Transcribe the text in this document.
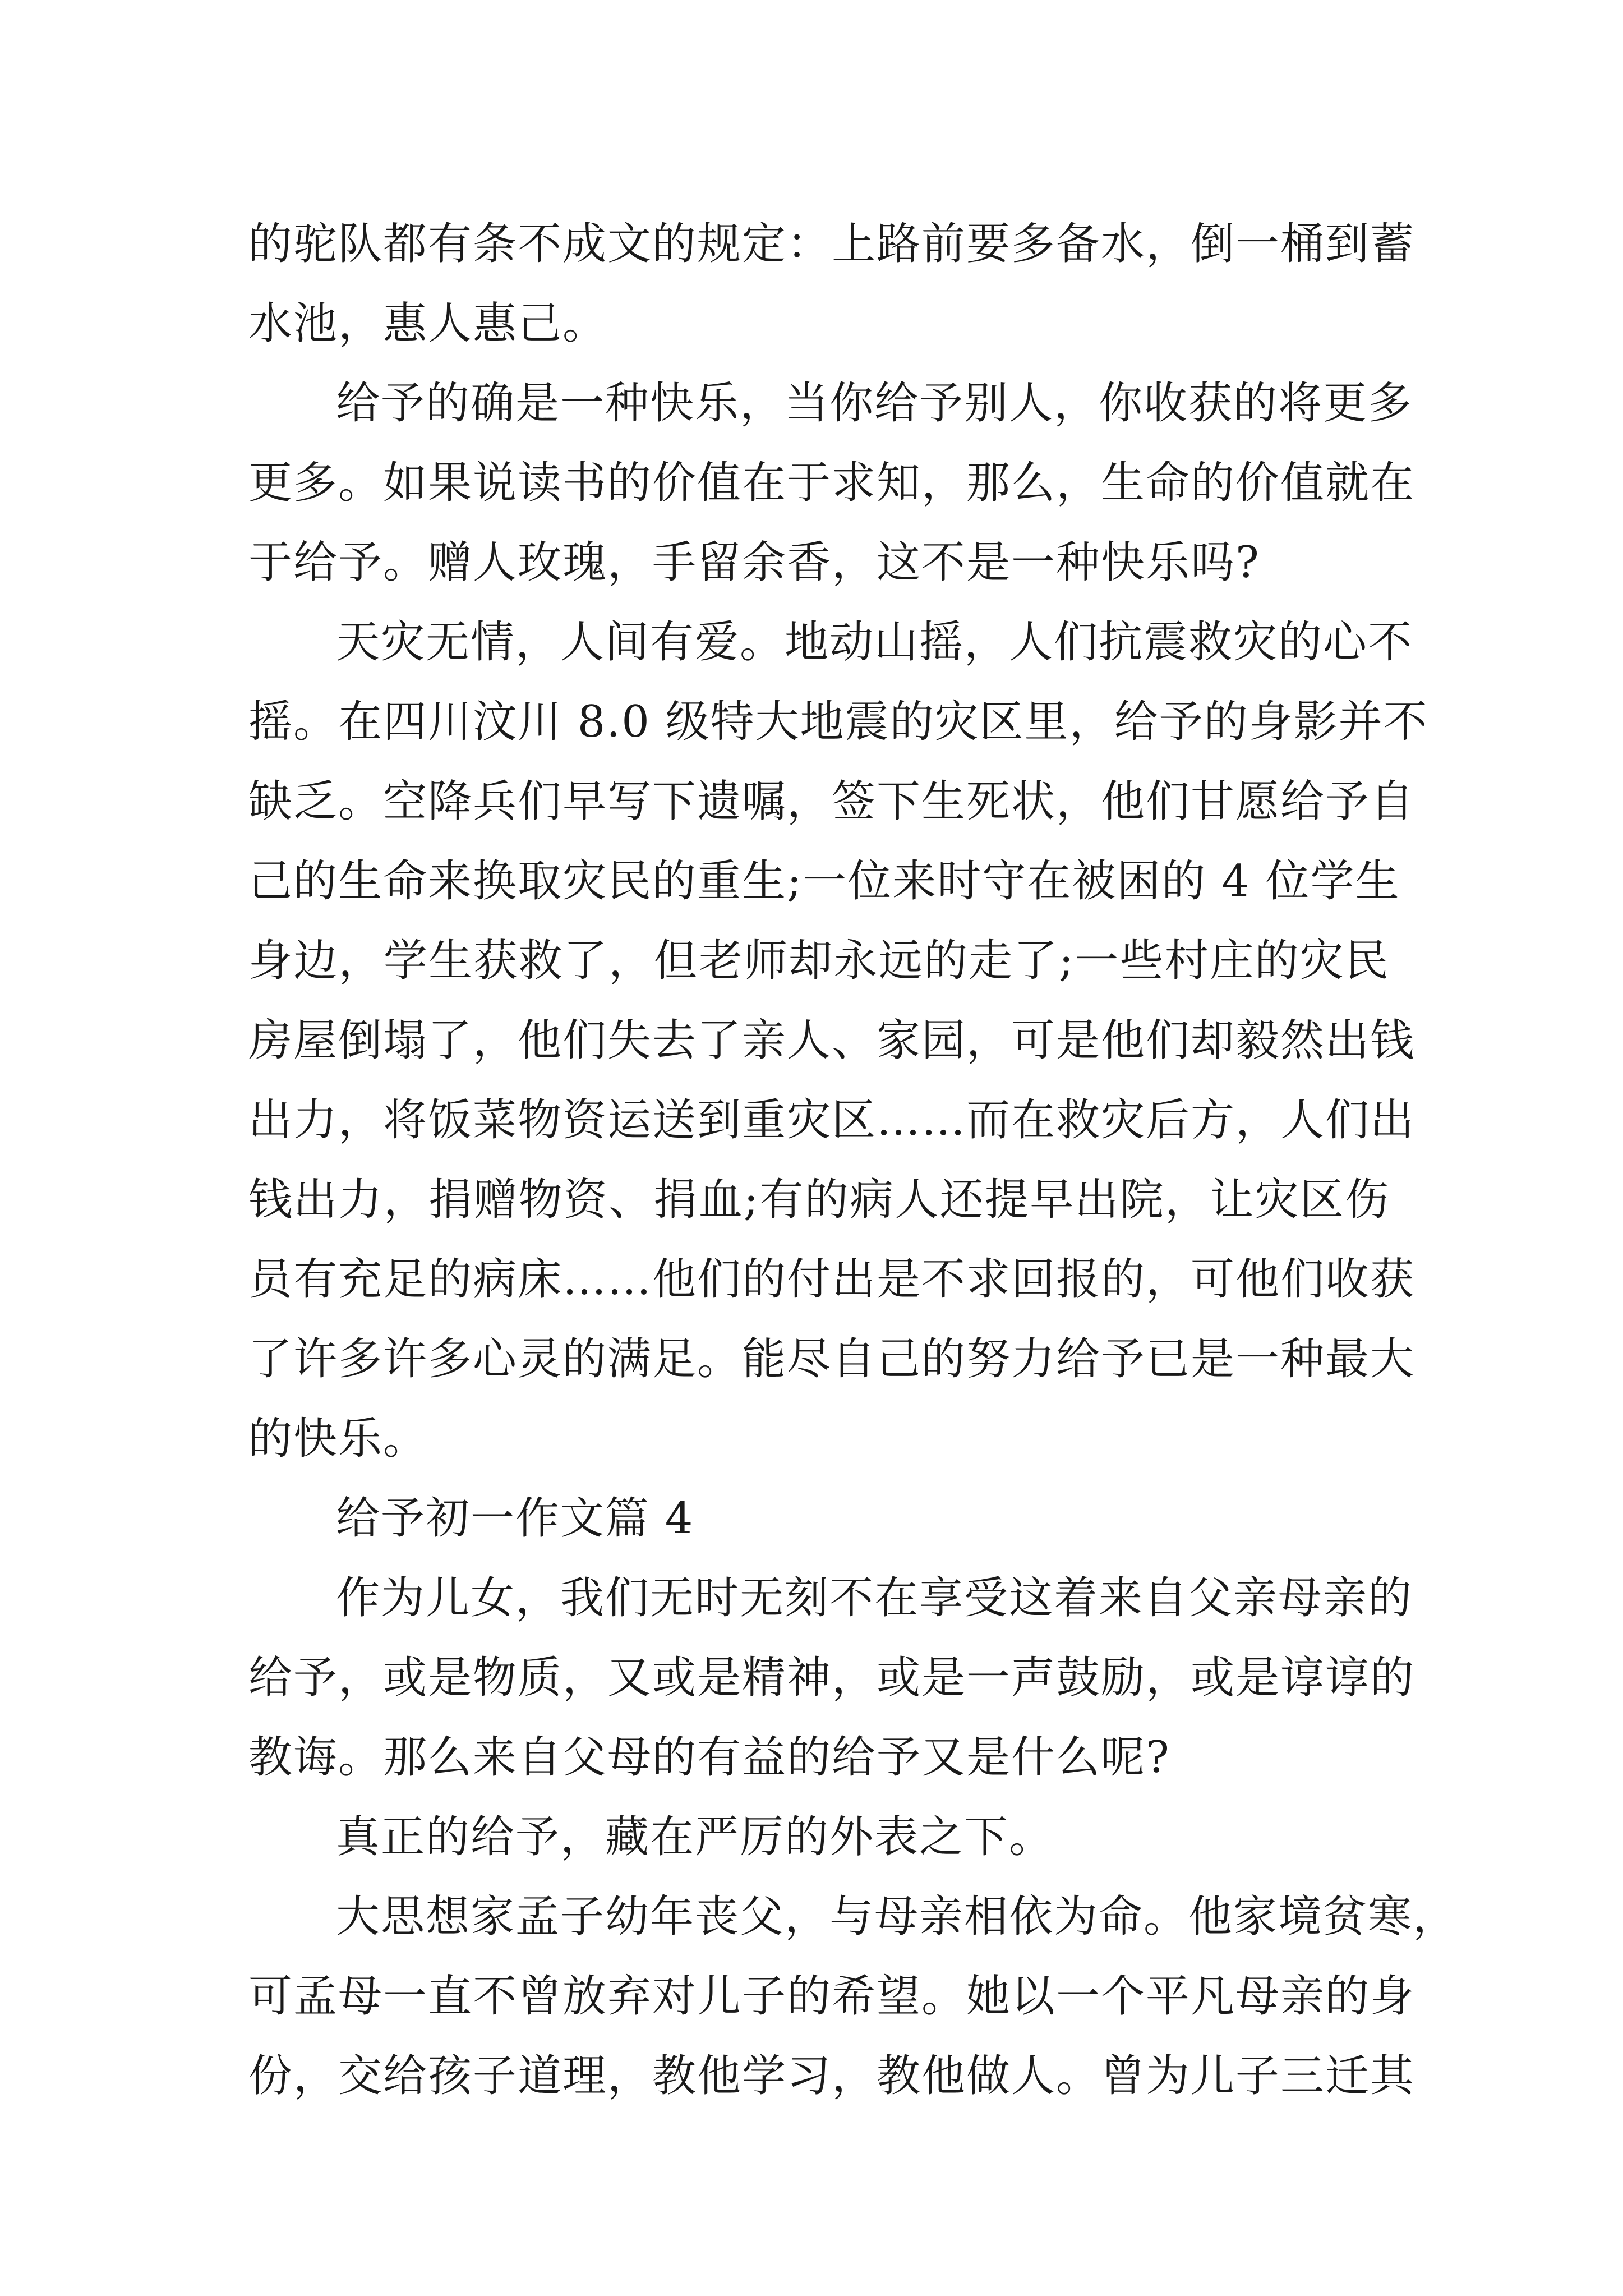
的驼队都有条不成文的规定：上路前要多备水，倒一桶到蓄
水池，惠人惠己。
给予的确是一种快乐，当你给予别人，你收获的将更多
更多。如果说读书的价值在于求知，那么，生命的价值就在
于给予。赠人玫瑰，手留余香，这不是一种快乐吗?
天灾无情，人间有爱。地动山摇，人们抗震救灾的心不
摇。在四川汶川 8.0 级特大地震的灾区里，给予的身影并不
缺乏。空降兵们早写下遗嘱，签下生死状，他们甘愿给予自
己的生命来换取灾民的重生;一位来时守在被困的 4 位学生
身边，学生获救了，但老师却永远的走了;一些村庄的灾民
房屋倒塌了，他们失去了亲人、家园，可是他们却毅然出钱
出力，将饭菜物资运送到重灾区……而在救灾后方，人们出
钱出力，捐赠物资、捐血;有的病人还提早出院，让灾区伤
员有充足的病床……他们的付出是不求回报的，可他们收获
了许多许多心灵的满足。能尽自己的努力给予已是一种最大
的快乐。
给予初一作文篇 4
作为儿女，我们无时无刻不在享受这着来自父亲母亲的
给予，或是物质，又或是精神，或是一声鼓励，或是谆谆的
教诲。那么来自父母的有益的给予又是什么呢?
真正的给予，藏在严厉的外表之下。
大思想家孟子幼年丧父，与母亲相依为命。他家境贫寒，
可孟母一直不曾放弃对儿子的希望。她以一个平凡母亲的身
份，交给孩子道理，教他学习，教他做人。曾为儿子三迁其
